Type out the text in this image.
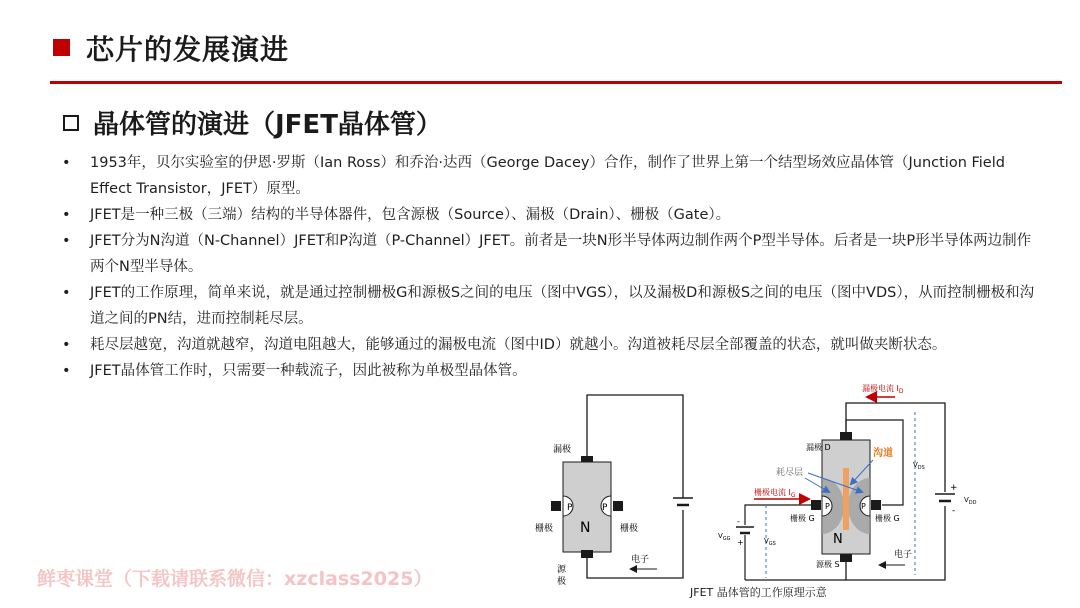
芯片的发展演进
晶体管的演进（JFET晶体管）
• 1953年，贝尔实验室的伊恩·罗斯（Ian Ross）和乔治·达西（George Dacey）合作，制作了世界上第一个结型场效应晶体管（Junction Field Effect Transistor，JFET）原型。
• JFET是一种三极（三端）结构的半导体器件，包含源极（Source）、漏极（Drain）、栅极（Gate）。
• JFET分为N沟道（N-Channel）JFET和P沟道（P-Channel）JFET。前者是一块N形半导体两边制作两个P型半导体。后者是一块P形半导体两边制作两个N型半导体。
• JFET的工作原理，简单来说，就是通过控制栅极G和源极S之间的电压（图中VGS），以及漏极D和源极S之间的电压（图中VDS），从而控制栅极和沟道之间的PN结，进而控制耗尽层。
• 耗尽层越宽，沟道就越窄，沟道电阻越大，能够通过的漏极电流（图中ID）就越小。沟道被耗尽层全部覆盖的状态，就叫做夹断状态。
• JFET晶体管工作时，只需要一种载流子，因此被称为单极型晶体管。
鲜枣课堂（下载请联系微信：xzclass2025）
P	P
N
漏极
栅极	栅极
源
极
电子
漏极电流 $I_D$
+
-
$V_{DD}$
-
+
$V_{GG}$
P	P
N
漏极 D
沟道
耗尽层
栅极电流 $I_G$
栅极 G	栅极 G
源极 S
$V_{GS}$
$V_{DS}$
电子
JFET 晶体管的工作原理示意
